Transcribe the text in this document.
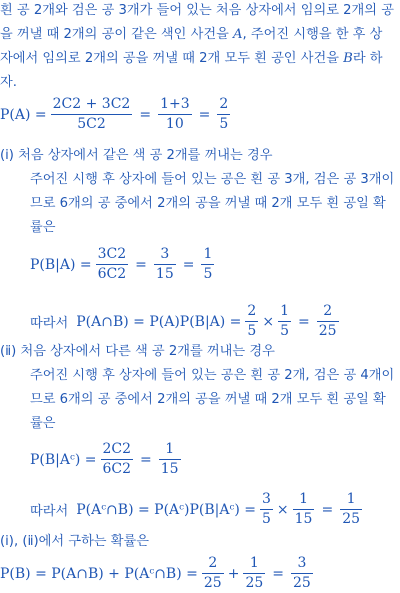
흰 공 2개와 검은 공 3개가 들어 있는 처음 상자에서 임의로 2개의 공
을 꺼낼 때 2개의 공이 같은 색인 사건을 A, 주어진 시행을 한 후 상
자에서 임의로 2개의 공을 꺼낼 때 2개 모두 흰 공인 사건을 B라 하
자.
$P(A) = \frac{2C2 + 3C2}{5C2} = \frac{1+3}{10} = \frac{2}{5}$
(ⅰ) 처음 상자에서 같은 색 공 2개를 꺼내는 경우
주어진 시행 후 상자에 들어 있는 공은 흰 공 3개, 검은 공 3개이
므로 6개의 공 중에서 2개의 공을 꺼낼 때 2개 모두 흰 공일 확
률은
$P(B|A) = \frac{3C2}{6C2} = \frac{3}{15} = \frac{1}{5}$
따라서 P(A∩B) = $P(A)P(B|A) = \frac{2}{5} \times \frac{1}{5} = \frac{2}{25}$
(ⅱ) 처음 상자에서 다른 색 공 2개를 꺼내는 경우
주어진 시행 후 상자에 들어 있는 공은 흰 공 2개, 검은 공 4개이
므로 6개의 공 중에서 2개의 공을 꺼낼 때 2개 모두 흰 공일 확
률은
P(B|Aᶜ) = $\frac{2C2}{6C2} = \frac{1}{15}$
따라서 P(Aᶜ∩B) = P(Aᶜ)P(B|Aᶜ) = $\frac{3}{5} \times \frac{1}{15} = \frac{1}{25}$
(ⅰ), (ⅱ)에서 구하는 확률은
P(B) = P(A∩B) + P(Aᶜ∩B) = $\frac{2}{25} + \frac{1}{25} = \frac{3}{25}$
